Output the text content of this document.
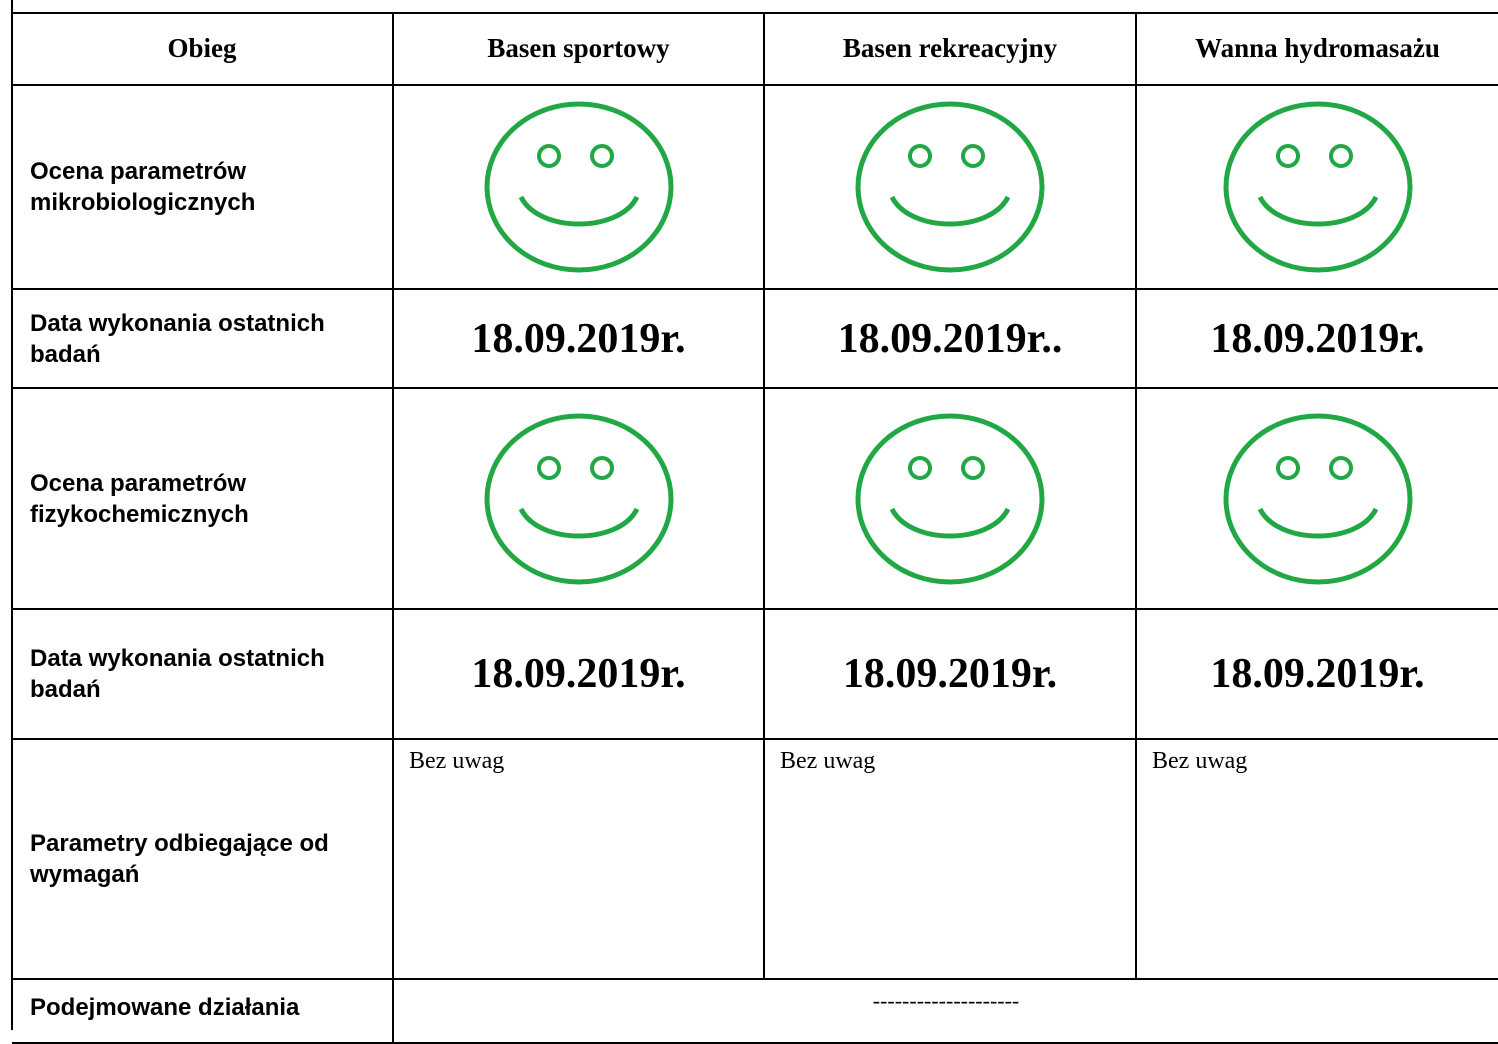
Obieg	Basen sportowy	Basen rekreacyjny	Wanna hydromasażu

Ocena parametrów
mikrobiologicznych

Data wykonania ostatnich
badań	18.09.2019r.	18.09.2019r..	18.09.2019r.

Ocena parametrów
fizykochemicznych

Data wykonania ostatnich
badań	18.09.2019r.	18.09.2019r.	18.09.2019r.

Parametry odbiegające od
wymagań	Bez uwag	Bez uwag	Bez uwag
Podejmowane działania	--------------------		
